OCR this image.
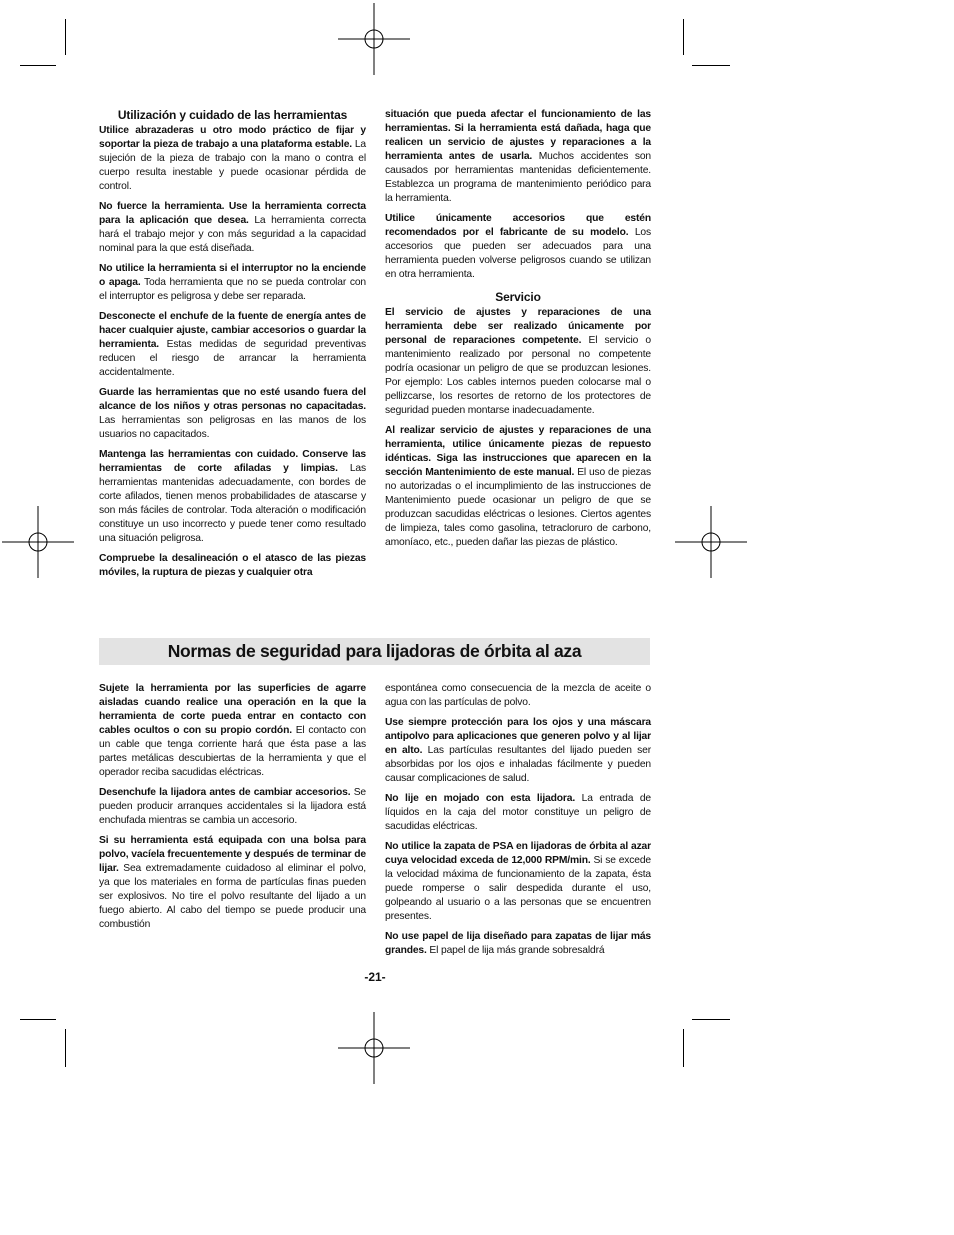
Utilización y cuidado de las herramientas

Utilice abrazaderas u otro modo práctico de fijar y soportar la pieza de trabajo a una plataforma estable. La sujeción de la pieza de trabajo con la mano o contra el cuerpo resulta inestable y puede ocasionar pérdida de control.

No fuerce la herramienta. Use la herramienta correcta para la aplicación que desea. La herramienta correcta hará el trabajo mejor y con más seguridad a la capacidad nominal para la que está diseñada.

No utilice la herramienta si el interruptor no la enciende o apaga. Toda herramienta que no se pueda controlar con el interruptor es peligrosa y debe ser reparada.

Desconecte el enchufe de la fuente de energía antes de hacer cualquier ajuste, cambiar accesorios o guardar la herramienta. Estas medidas de seguridad preventivas reducen el riesgo de arrancar la herramienta accidentalmente.

Guarde las herramientas que no esté usando fuera del alcance de los niños y otras personas no capacitadas. Las herramientas son peligrosas en las manos de los usuarios no capacitados.

Mantenga las herramientas con cuidado. Conserve las herramientas de corte afiladas y limpias. Las herramientas mantenidas adecuadamente, con bordes de corte afilados, tienen menos probabilidades de atascarse y son más fáciles de controlar. Toda alteración o modificación constituye un uso incorrecto y puede tener como resultado una situación peligrosa.

Compruebe la desalineación o el atasco de las piezas móviles, la ruptura de piezas y cualquier otra

situación que pueda afectar el funcionamiento de las herramientas. Si la herramienta está dañada, haga que realicen un servicio de ajustes y reparaciones a la herramienta antes de usarla. Muchos accidentes son causados por herramientas mantenidas deficientemente. Establezca un programa de mantenimiento periódico para la herramienta.

Utilice únicamente accesorios que estén recomendados por el fabricante de su modelo. Los accesorios que pueden ser adecuados para una herramienta pueden volverse peligrosos cuando se utilizan en otra herramienta.

Servicio

El servicio de ajustes y reparaciones de una herramienta debe ser realizado únicamente por personal de reparaciones competente. El servicio o mantenimiento realizado por personal no competente podría ocasionar un peligro de que se produzcan lesiones. Por ejemplo: Los cables internos pueden colocarse mal o pellizcarse, los resortes de retorno de los protectores de seguridad pueden montarse inadecuadamente.

Al realizar servicio de ajustes y reparaciones de una herramienta, utilice únicamente piezas de repuesto idénticas. Siga las instrucciones que aparecen en la sección Mantenimiento de este manual. El uso de piezas no autorizadas o el incumplimiento de las instrucciones de Mantenimiento puede ocasionar un peligro de que se produzcan sacudidas eléctricas o lesiones. Ciertos agentes de limpieza, tales como gasolina, tetracloruro de carbono, amoníaco, etc., pueden dañar las piezas de plástico.

Normas de seguridad para lijadoras de órbita al aza

Sujete la herramienta por las superficies de agarre aisladas cuando realice una operación en la que la herramienta de corte pueda entrar en contacto con cables ocultos o con su propio cordón. El contacto con un cable que tenga corriente hará que ésta pase a las partes metálicas descubiertas de la herramienta y que el operador reciba sacudidas eléctricas.

Desenchufe la lijadora antes de cambiar accesorios. Se pueden producir arranques accidentales si la lijadora está enchufada mientras se cambia un accesorio.

Si su herramienta está equipada con una bolsa para polvo, vacíela frecuentemente y después de terminar de lijar. Sea extremadamente cuidadoso al eliminar el polvo, ya que los materiales en forma de partículas finas pueden ser explosivos. No tire el polvo resultante del lijado a un fuego abierto. Al cabo del tiempo se puede producir una combustión

espontánea como consecuencia de la mezcla de aceite o agua con las partículas de polvo.

Use siempre protección para los ojos y una máscara antipolvo para aplicaciones que generen polvo y al lijar en alto. Las partículas resultantes del lijado pueden ser absorbidas por los ojos e inhaladas fácilmente y pueden causar complicaciones de salud.

No lije en mojado con esta lijadora. La entrada de líquidos en la caja del motor constituye un peligro de sacudidas eléctricas.

No utilice la zapata de PSA en lijadoras de órbita al azar cuya velocidad exceda de 12,000 RPM/min. Si se excede la velocidad máxima de funcionamiento de la zapata, ésta puede romperse o salir despedida durante el uso, golpeando al usuario o a las personas que se encuentren presentes.

No use papel de lija diseñado para zapatas de lijar más grandes. El papel de lija más grande sobresaldrá

-21-
